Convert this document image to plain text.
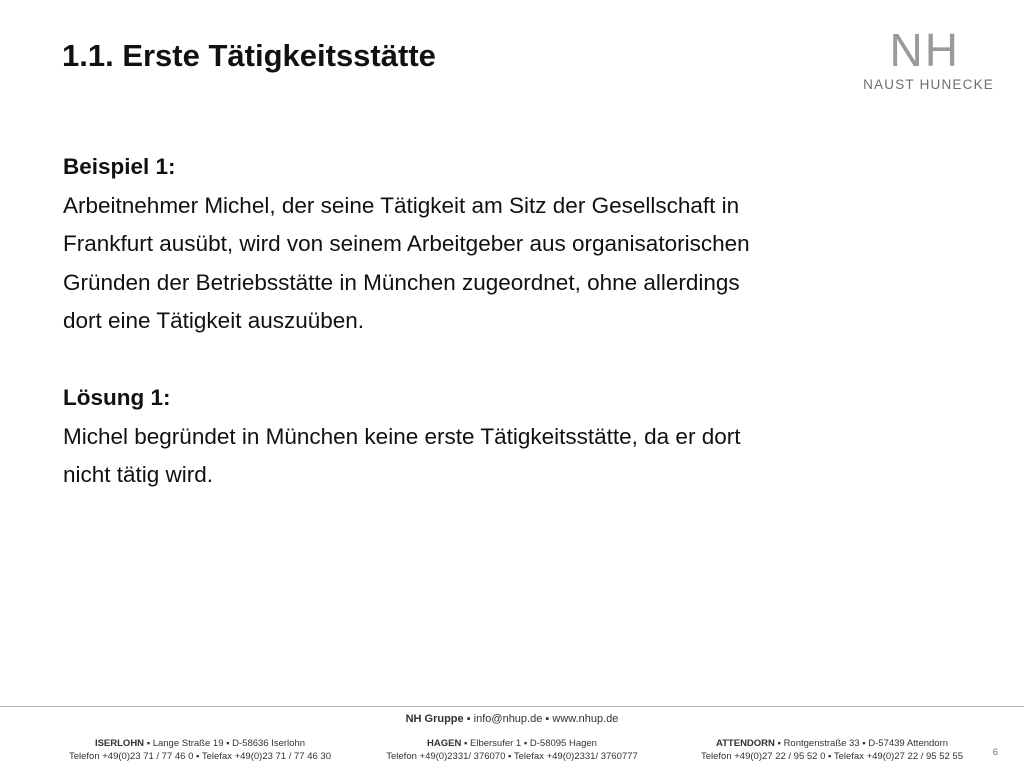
1.1. Erste Tätigkeitsstätte	NH
NAUST HUNECKE

Beispiel 1:

Arbeitnehmer Michel, der seine Tätigkeit am Sitz der Gesellschaft in

Frankfurt ausübt, wird von seinem Arbeitgeber aus organisatorischen

Gründen der Betriebsstätte in München zugeordnet, ohne allerdings

dort eine Tätigkeit auszuüben.

Lösung 1:

Michel begründet in München keine erste Tätigkeitsstätte, da er dort

nicht tätig wird.

NH Gruppe ▪ info@nhup.de ▪ www.nhup.de
ISERLOHN ▪ Lange Straße 19 ▪ D-58636 Iserlohn
Telefon +49(0)23 71 / 77 46 0 ▪ Telefax +49(0)23 71 / 77 46 30
HAGEN ▪ Elbersufer 1 ▪ D-58095 Hagen
Telefon +49(0)2331/ 376070 ▪ Telefax +49(0)2331/ 3760777
ATTENDORN ▪ Rontgenstraße 33 ▪ D-57439 Attendorn
Telefon +49(0)27 22 / 95 52 0 ▪ Telefax +49(0)27 22 / 95 52 55	6
